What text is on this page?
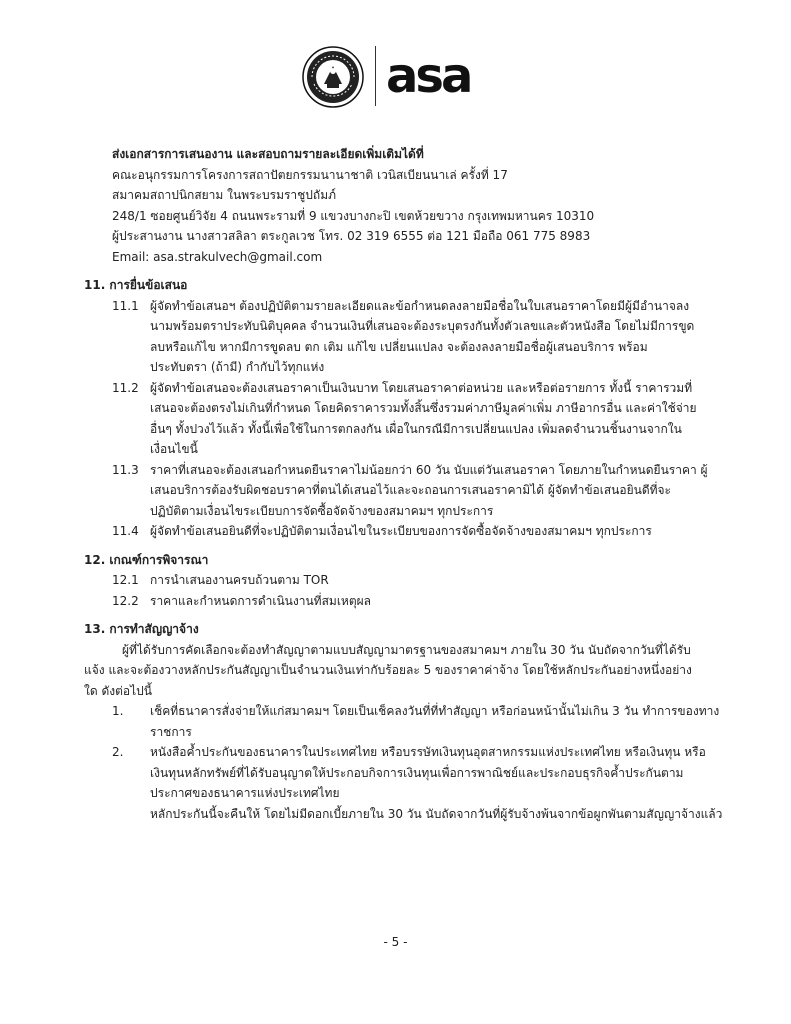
asa

ส่งเอกสารการเสนองาน และสอบถามรายละเอียดเพิ่มเติมได้ที่

คณะอนุกรรมการโครงการสถาปัตยกรรมนานาชาติ เวนิสเบียนนาเล่ ครั้งที่ 17

สมาคมสถาปนิกสยาม ในพระบรมราชูปถัมภ์

248/1 ซอยศูนย์วิจัย 4 ถนนพระรามที่ 9 แขวงบางกะปิ เขตห้วยขวาง กรุงเทพมหานคร 10310

ผู้ประสานงาน นางสาวสลิลา ตระกูลเวช โทร. 02 319 6555 ต่อ 121 มือถือ 061 775 8983

Email: asa.strakulvech@gmail.com

11. การยื่นข้อเสนอ
11.1 ผู้จัดทำข้อเสนอฯ ต้องปฏิบัติตามรายละเอียดและข้อกำหนดลงลายมือชื่อในใบเสนอราคาโดยมีผู้มีอำนาจลง
นามพร้อมตราประทับนิติบุคคล จำนวนเงินที่เสนอจะต้องระบุตรงกันทั้งตัวเลขและตัวหนังสือ โดยไม่มีการขูด
ลบหรือแก้ไข หากมีการขูดลบ ตก เติม แก้ไข เปลี่ยนแปลง จะต้องลงลายมือชื่อผู้เสนอบริการ พร้อม
ประทับตรา (ถ้ามี) กำกับไว้ทุกแห่ง
11.2 ผู้จัดทำข้อเสนอจะต้องเสนอราคาเป็นเงินบาท โดยเสนอราคาต่อหน่วย และหรือต่อรายการ ทั้งนี้ ราคารวมที่
เสนอจะต้องตรงไม่เกินที่กำหนด โดยคิดราคารวมทั้งสิ้นซึ่งรวมค่าภาษีมูลค่าเพิ่ม ภาษีอากรอื่น และค่าใช้จ่าย
อื่นๆ ทั้งปวงไว้แล้ว ทั้งนี้เพื่อใช้ในการตกลงกัน เผื่อในกรณีมีการเปลี่ยนแปลง เพิ่มลดจำนวนชิ้นงานจากใน
เงื่อนไขนี้
11.3 ราคาที่เสนอจะต้องเสนอกำหนดยืนราคาไม่น้อยกว่า 60 วัน นับแต่วันเสนอราคา โดยภายในกำหนดยืนราคา ผู้
เสนอบริการต้องรับผิดชอบราคาที่ตนได้เสนอไว้และจะถอนการเสนอราคามิได้ ผู้จัดทำข้อเสนอยินดีที่จะ
ปฏิบัติตามเงื่อนไขระเบียบการจัดซื้อจัดจ้างของสมาคมฯ ทุกประการ
11.4 ผู้จัดทำข้อเสนอยินดีที่จะปฏิบัติตามเงื่อนไขในระเบียบของการจัดซื้อจัดจ้างของสมาคมฯ ทุกประการ
12. เกณฑ์การพิจารณา
12.1 การนำเสนองานครบถ้วนตาม TOR
12.2 ราคาและกำหนดการดำเนินงานที่สมเหตุผล
13. การทำสัญญาจ้าง
ผู้ที่ได้รับการคัดเลือกจะต้องทำสัญญาตามแบบสัญญามาตรฐานของสมาคมฯ ภายใน 30 วัน นับถัดจากวันที่ได้รับ
แจ้ง และจะต้องวางหลักประกันสัญญาเป็นจำนวนเงินเท่ากับร้อยละ 5 ของราคาค่าจ้าง โดยใช้หลักประกันอย่างหนึ่งอย่าง
ใด ดังต่อไปนี้
1. เช็คที่ธนาคารสั่งจ่ายให้แก่สมาคมฯ โดยเป็นเช็คลงวันที่ที่ทำสัญญา หรือก่อนหน้านั้นไม่เกิน 3 วัน ทำการของทาง
ราชการ
2. หนังสือค้ำประกันของธนาคารในประเทศไทย หรือบรรษัทเงินทุนอุตสาหกรรมแห่งประเทศไทย หรือเงินทุน หรือ
เงินทุนหลักทรัพย์ที่ได้รับอนุญาตให้ประกอบกิจการเงินทุนเพื่อการพาณิชย์และประกอบธุรกิจค้ำประกันตาม
ประกาศของธนาคารแห่งประเทศไทย
หลักประกันนี้จะคืนให้ โดยไม่มีดอกเบี้ยภายใน 30 วัน นับถัดจากวันที่ผู้รับจ้างพ้นจากข้อผูกพันตามสัญญาจ้างแล้ว
- 5 -
